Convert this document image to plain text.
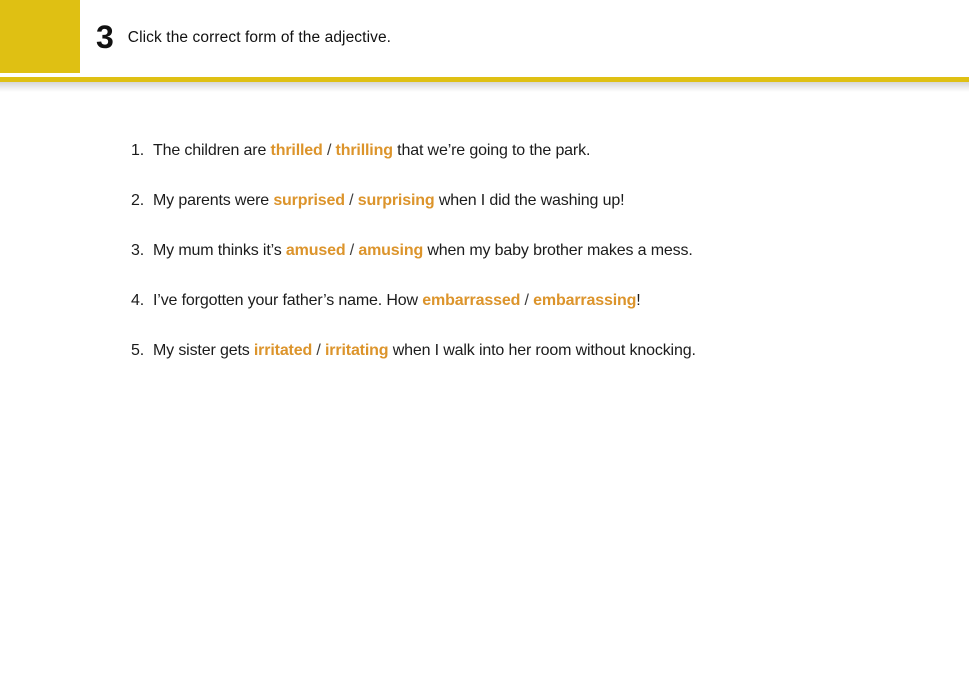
3 Click the correct form of the adjective.
1. The children are thrilled / thrilling that we’re going to the park.
2. My parents were surprised / surprising when I did the washing up!
3. My mum thinks it’s amused / amusing when my baby brother makes a mess.
4. I’ve forgotten your father’s name. How embarrassed / embarrassing!
5. My sister gets irritated / irritating when I walk into her room without knocking.
